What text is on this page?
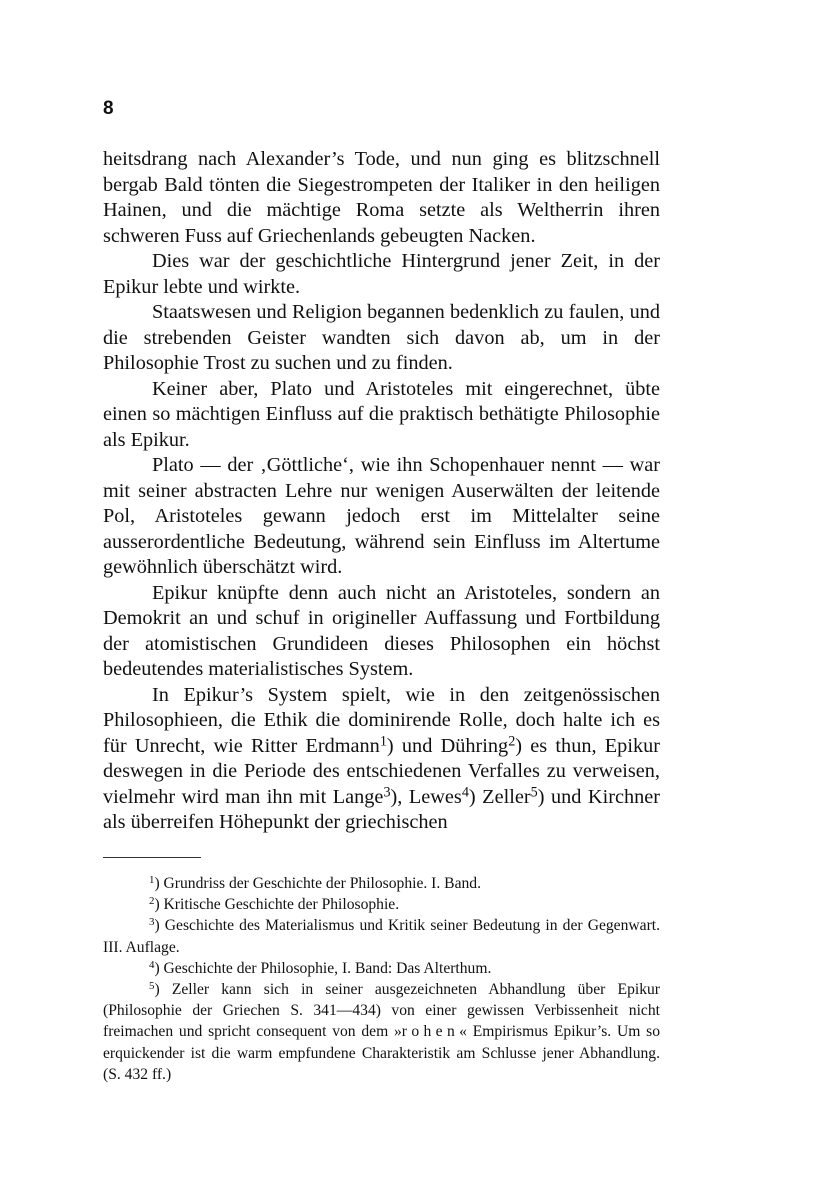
8

heitsdrang nach Alexander’s Tode, und nun ging es blitzschnell bergab Bald tönten die Siegestrompeten der Italiker in den heiligen Hainen, und die mächtige Roma setzte als Weltherrin ihren schweren Fuss auf Griechenlands gebeugten Nacken.

Dies war der geschichtliche Hintergrund jener Zeit, in der Epikur lebte und wirkte.

Staatswesen und Religion begannen bedenklich zu faulen, und die strebenden Geister wandten sich davon ab, um in der Philosophie Trost zu suchen und zu finden.

Keiner aber, Plato und Aristoteles mit eingerechnet, übte einen so mächtigen Einfluss auf die praktisch bethätigte Philosophie als Epikur.

Plato — der ‚Göttliche‘, wie ihn Schopenhauer nennt — war mit seiner abstracten Lehre nur wenigen Auserwälten der leitende Pol, Aristoteles gewann jedoch erst im Mittelalter seine ausserordentliche Bedeutung, während sein Einfluss im Altertume gewöhnlich überschätzt wird.

Epikur knüpfte denn auch nicht an Aristoteles, sondern an Demokrit an und schuf in origineller Auffassung und Fortbildung der atomistischen Grundideen dieses Philosophen ein höchst bedeutendes materialistisches System.

In Epikur’s System spielt, wie in den zeitgenössischen Philosophieen, die Ethik die dominirende Rolle, doch halte ich es für Unrecht, wie Ritter Erdmann$^1$) und Dühring$^2$) es thun, Epikur deswegen in die Periode des entschiedenen Verfalles zu verweisen, vielmehr wird man ihn mit Lange$^3$), Lewes$^4$) Zeller$^5$) und Kirchner als überreifen Höhepunkt der griechischen

$^1$) Grundriss der Geschichte der Philosophie. I. Band.

$^2$) Kritische Geschichte der Philosophie.

$^3$) Geschichte des Materialismus und Kritik seiner Bedeutung in der Gegenwart. III. Auflage.

$^4$) Geschichte der Philosophie, I. Band: Das Alterthum.

$^5$) Zeller kann sich in seiner ausgezeichneten Abhandlung über Epikur (Philosophie der Griechen S. 341—434) von einer gewissen Verbissenheit nicht freimachen und spricht consequent von dem »rohen« Empirismus Epikur’s. Um so erquickender ist die warm empfundene Charakteristik am Schlusse jener Abhandlung. (S. 432 ff.)
